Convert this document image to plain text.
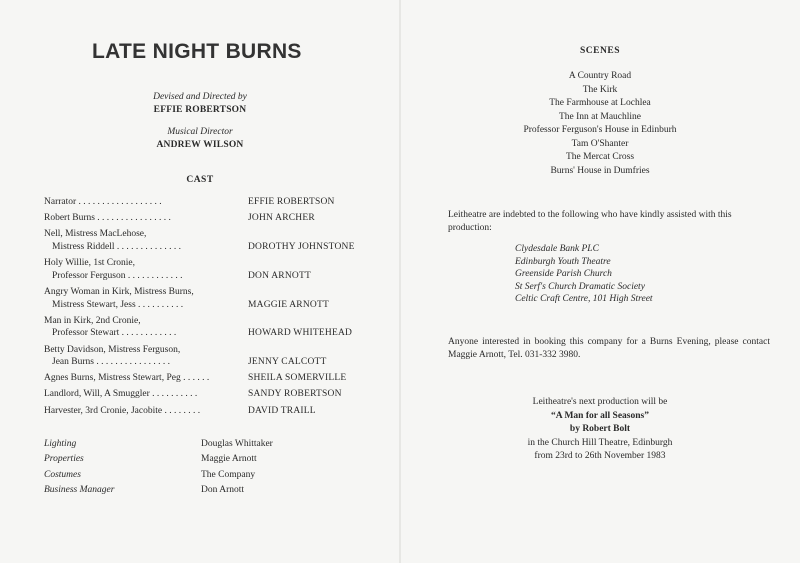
LATE NIGHT BURNS
Devised and Directed by
EFFIE ROBERTSON
Musical Director
ANDREW WILSON
CAST
Narrator . . . . . . . . . . . . . . . . . .	EFFIE ROBERTSON
Robert Burns . . . . . . . . . . . . . . . .	JOHN ARCHER
Nell, Mistress MacLehose,
Mistress Riddell . . . . . . . . . . . . . .	DOROTHY JOHNSTONE
Holy Willie, 1st Cronie,
Professor Ferguson . . . . . . . . . . . .	DON ARNOTT
Angry Woman in Kirk, Mistress Burns,
Mistress Stewart, Jess . . . . . . . . . .	MAGGIE ARNOTT
Man in Kirk, 2nd Cronie,
Professor Stewart . . . . . . . . . . . .	HOWARD WHITEHEAD
Betty Davidson, Mistress Ferguson,
Jean Burns . . . . . . . . . . . . . . . .	JENNY CALCOTT
Agnes Burns, Mistress Stewart, Peg . . . . . .	SHEILA SOMERVILLE
Landlord, Will, A Smuggler . . . . . . . . . .	SANDY ROBERTSON
Harvester, 3rd Cronie, Jacobite . . . . . . . .	DAVID TRAILL
Lighting	Douglas Whittaker
Properties	Maggie Arnott
Costumes	The Company
Business Manager	Don Arnott
SCENES
A Country Road
The Kirk
The Farmhouse at Lochlea
The Inn at Mauchline
Professor Ferguson's House in Edinburh
Tam O'Shanter
The Mercat Cross
Burns' House in Dumfries
Leitheatre are indebted to the following who have kindly assisted with this production:
Clydesdale Bank PLC
Edinburgh Youth Theatre
Greenside Parish Church
St Serf's Church Dramatic Society
Celtic Craft Centre, 101 High Street
Anyone interested in booking this company for a Burns Evening, please contact Maggie Arnott, Tel. 031-332 3980.
Leitheatre's next production will be
“A Man for all Seasons”
by Robert Bolt
in the Church Hill Theatre, Edinburgh
from 23rd to 26th November 1983
